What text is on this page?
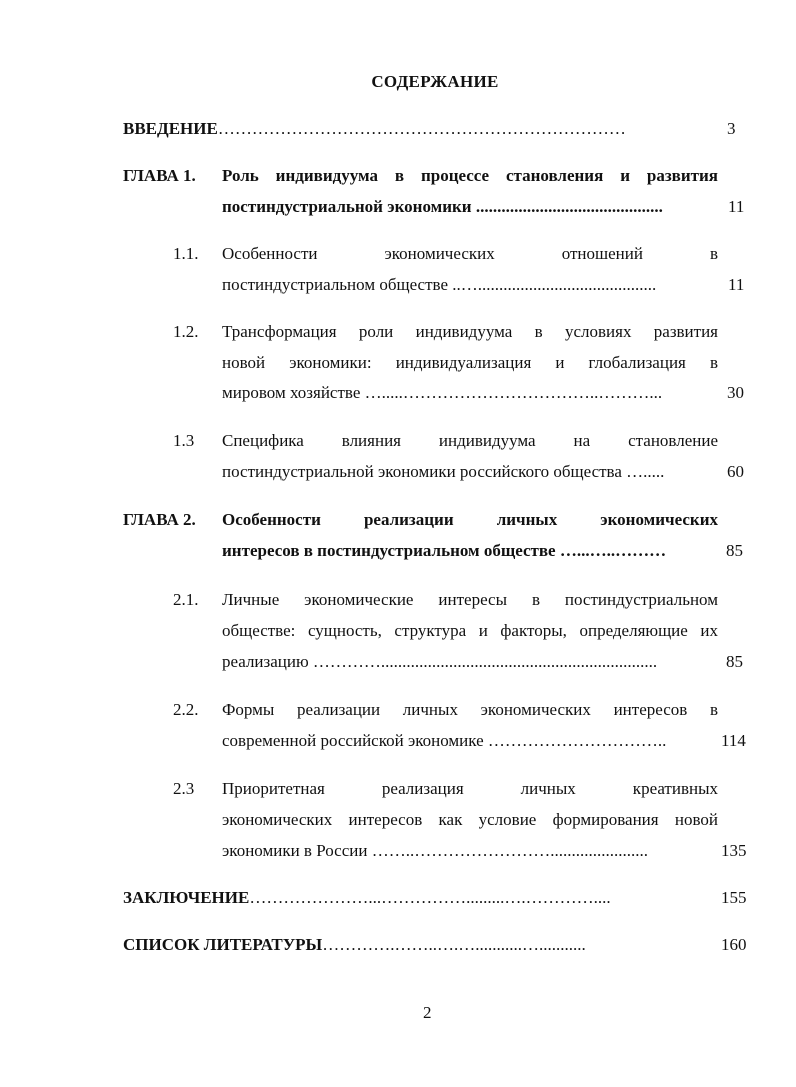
СОДЕРЖАНИЕ
ВВЕДЕНИЕ………………………………………………………………	3
ГЛАВА 1. Роль индивидуума в процессе становления и развития
постиндустриальной экономики ............................................	11
1.1. Особенности экономических отношений в
постиндустриальном обществе ..…..........................................	11
1.2. Трансформация роли индивидуума в условиях развития
новой экономики: индивидуализация и глобализация в
мировом хозяйстве ….....……………………………..………...	30
1.3 Специфика влияния индивидуума на становление
постиндустриальной экономики российского общества ….....	60
ГЛАВА 2. Особенности реализации личных экономических
интересов в постиндустриальном обществе …...…..………	85
2.1. Личные экономические интересы в постиндустриальном
обществе: сущность, структура и факторы, определяющие их
реализацию ………….................................................................	85
2.2. Формы реализации личных экономических интересов в
современной российской экономике …………………………..	114
2.3 Приоритетная реализация личных креативных
экономических интересов как условие формирования новой
экономики в России ……..…………………….......................	135
ЗАКЛЮЧЕНИЕ…………………...…………….........….…………....	155
СПИСОК ЛИТЕРАТУРЫ………….……..….…...........…...........	160
2
